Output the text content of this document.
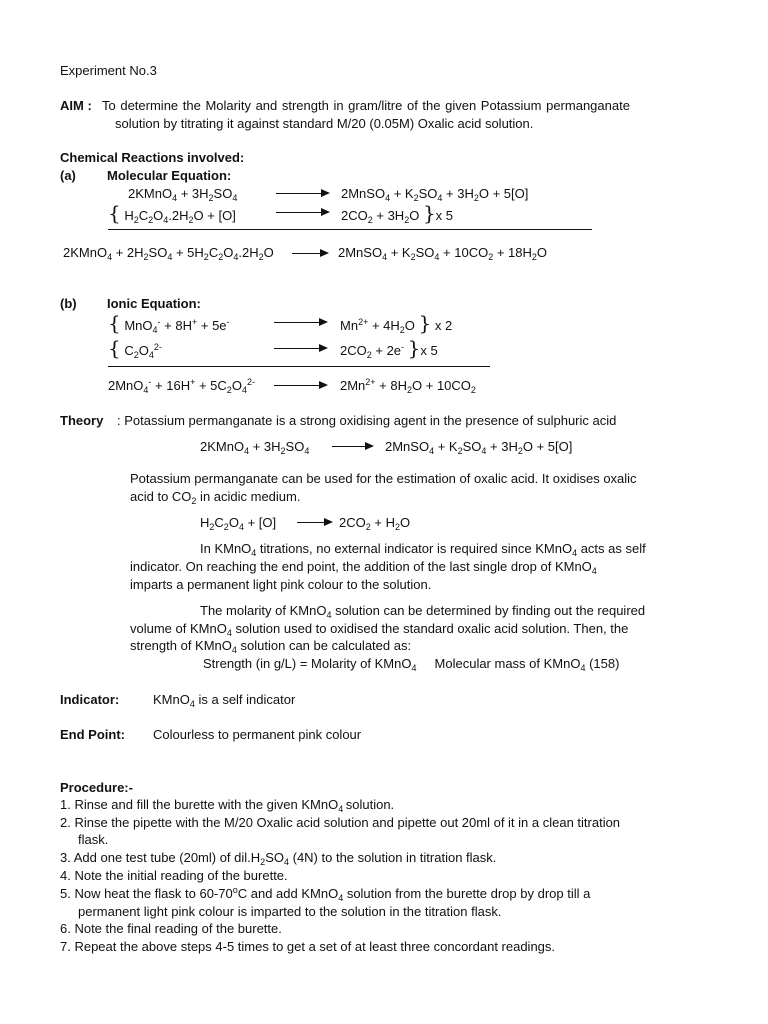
Experiment No.3
AIM : To determine the Molarity and strength in gram/litre of the given Potassium permanganate
solution by titrating it against standard M/20 (0.05M) Oxalic acid solution.
Chemical Reactions involved:
(a) Molecular Equation:
2KMnO$_4$ + $3H_2SO_4$	2MnSO$_4$ + $K_2SO_4 + 3H_2O + 5[O]$
{ $H_2C_2O_4.2H_2O + [O]$	$2CO_2 + 3H_2O$ }x 5
2KMnO$_4$ + $2H_2SO_4 + 5H_2C_2O_4.2H_2O$	2MnSO$_4$ + $K_2SO_4 + 10CO_2 + 18H_2O$
(b) Ionic Equation:
{ MnO$_4$- + 8H+ + 5e-	$Mn^{2+} + 4H_2O$ } x 2
{ $C_2O_4^{2-}$	$2CO_2 + 2e^-$ }x 5
$2MnO_4^- + 16H^+ + 5C_2O_4^{2-}$	$2Mn^{2+} + 8H_2O + 10CO_2$
Theory : Potassium permanganate is a strong oxidising agent in the presence of sulphuric acid
2KMnO$_4$ + $3H_2SO_4$	2MnSO$_4$ + $K_2SO_4 + 3H_2O + 5[O]$
Potassium permanganate can be used for the estimation of oxalic acid. It oxidises oxalic
acid to $CO_2$ in acidic medium.
$H_2C_2O_4 + [O]$	$2CO_2 + H_2O$
In KMnO$_4$ titrations, no external indicator is required since KMnO$_4$ acts as self
indicator. On reaching the end point, the addition of the last single drop of KMnO$_4$
imparts a permanent light pink colour to the solution.
The molarity of KMnO$_4$ solution can be determined by finding out the required
volume of KMnO$_4$ solution used to oxidised the standard oxalic acid solution. Then, the
strength of KMnO$_4$ solution can be calculated as:
Strength (in g/L) = Molarity of KMnO$_4$ Molecular mass of KMnO$_4$ (158)
Indicator:	KMnO$_4$ is a self indicator
End Point: Colourless to permanent pink colour
Procedure:-
1. Rinse and fill the burette with the given KMnO$_4$ solution.
2. Rinse the pipette with the M/20 Oxalic acid solution and pipette out 20ml of it in a clean titration
flask.
3. Add one test tube (20ml) of $dil.H_2SO_4$ (4N) to the solution in titration flask.
4. Note the initial reading of the burette.
5. Now heat the flask to 60-70$^o$C and add KMnO$_4$ solution from the burette drop by drop till a
permanent light pink colour is imparted to the solution in the titration flask.
6. Note the final reading of the burette.
7. Repeat the above steps 4-5 times to get a set of at least three concordant readings.
